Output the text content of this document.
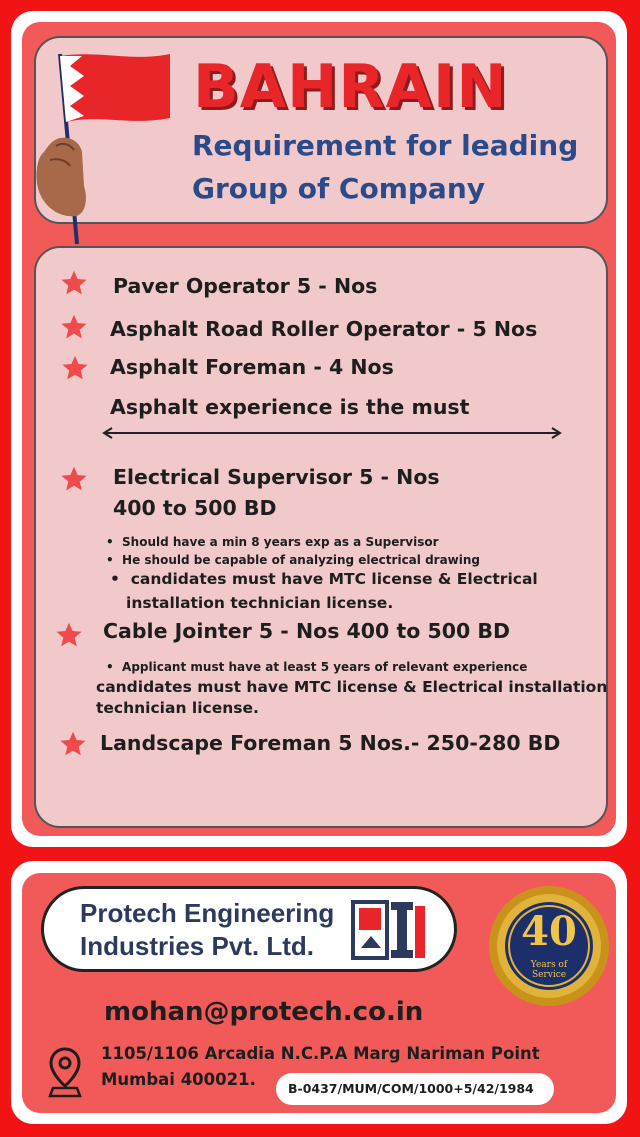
BAHRAIN
Requirement for leading Group of Company
Paver Operator 5 - Nos
Asphalt Road Roller Operator - 5 Nos
Asphalt Foreman - 4 Nos
Asphalt experience is the must
Electrical Supervisor 5 - Nos
400 to 500 BD
•  Should have a min 8 years exp as a Supervisor
•  He should be capable of analyzing electrical drawing
•  candidates must have MTC license & Electrical
installation technician license.
Cable Jointer 5 - Nos 400 to 500 BD
•  Applicant must have at least 5 years of relevant experience
candidates must have MTC license & Electrical installation
technician license.
Landscape Foreman 5 Nos.- 250-280 BD
Protech Engineering
Industries Pvt. Ltd.	40
Years of
Service
mohan@protech.co.in
1105/1106 Arcadia N.C.P.A Marg Nariman Point
Mumbai 400021.	B-0437/MUM/COM/1000+5/42/1984
